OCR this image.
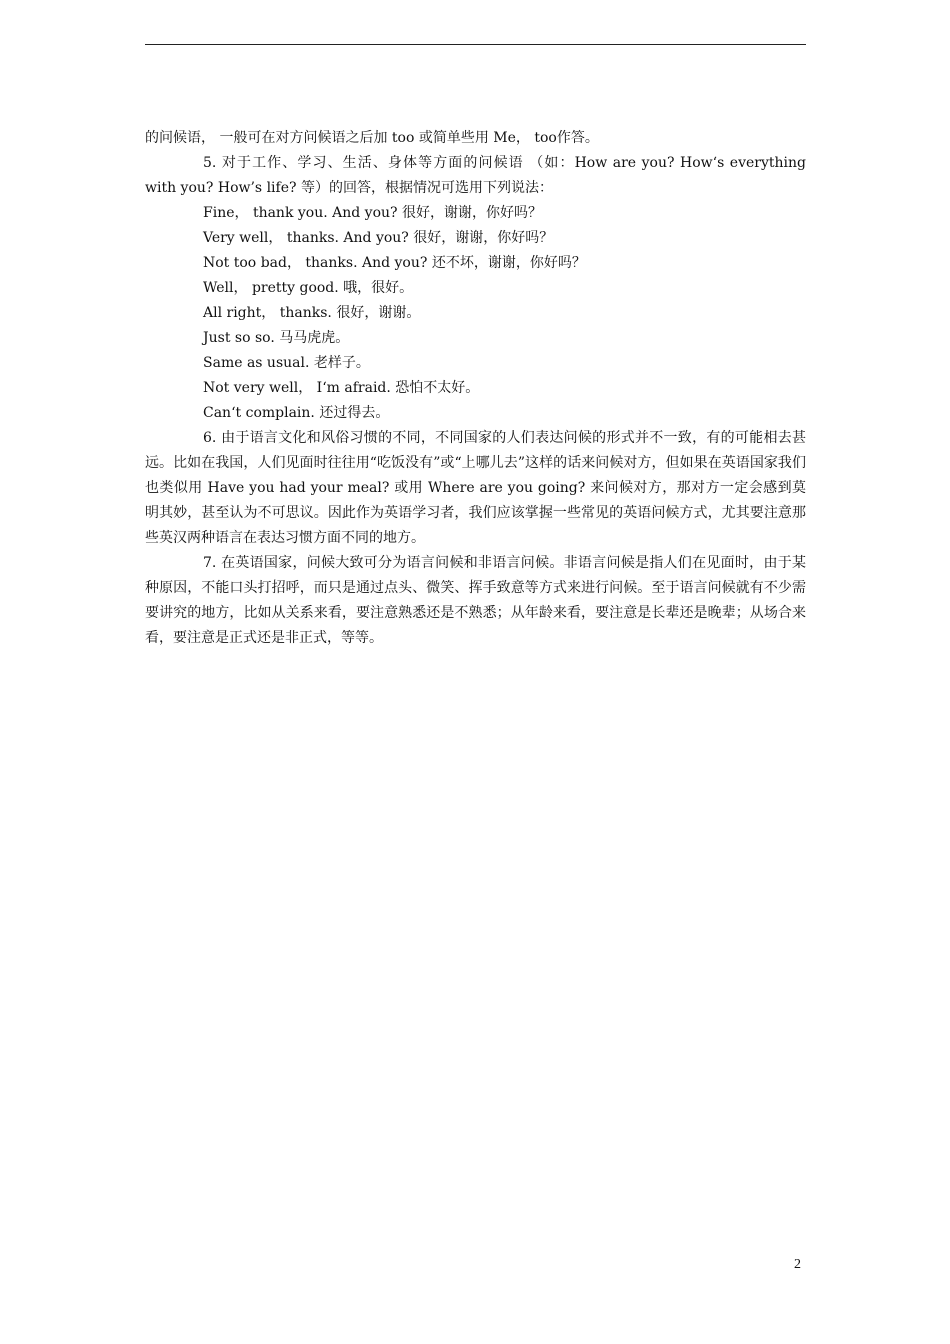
的问候语， 一般可在对方问候语之后加 too 或简单些用 Me， too作答。

5. 对于工作、学习、生活、身体等方面的问候语 （如：How are you? How‘s everything with you? How’s life? 等）的回答，根据情况可选用下列说法：

Fine， thank you. And you? 很好，谢谢，你好吗？

Very well， thanks. And you? 很好，谢谢，你好吗？

Not too bad， thanks. And you? 还不坏，谢谢，你好吗？

Well， pretty good. 哦，很好。

All right， thanks. 很好，谢谢。

Just so so. 马马虎虎。

Same as usual. 老样子。

Not very well， I‘m afraid. 恐怕不太好。

Can‘t complain. 还过得去。

6. 由于语言文化和风俗习惯的不同，不同国家的人们表达问候的形式并不一致，有的可能相去甚远。比如在我国，人们见面时往往用“吃饭没有”或“上哪儿去”这样的话来问候对方，但如果在英语国家我们也类似用 Have you had your meal? 或用 Where are you going? 来问候对方，那对方一定会感到莫明其妙，甚至认为不可思议。因此作为英语学习者，我们应该掌握一些常见的英语问候方式，尤其要注意那些英汉两种语言在表达习惯方面不同的地方。

7. 在英语国家，问候大致可分为语言问候和非语言问候。非语言问候是指人们在见面时，由于某种原因，不能口头打招呼，而只是通过点头、微笑、挥手致意等方式来进行问候。至于语言问候就有不少需要讲究的地方，比如从关系来看，要注意熟悉还是不熟悉；从年龄来看，要注意是长辈还是晚辈；从场合来看，要注意是正式还是非正式，等等。

2
